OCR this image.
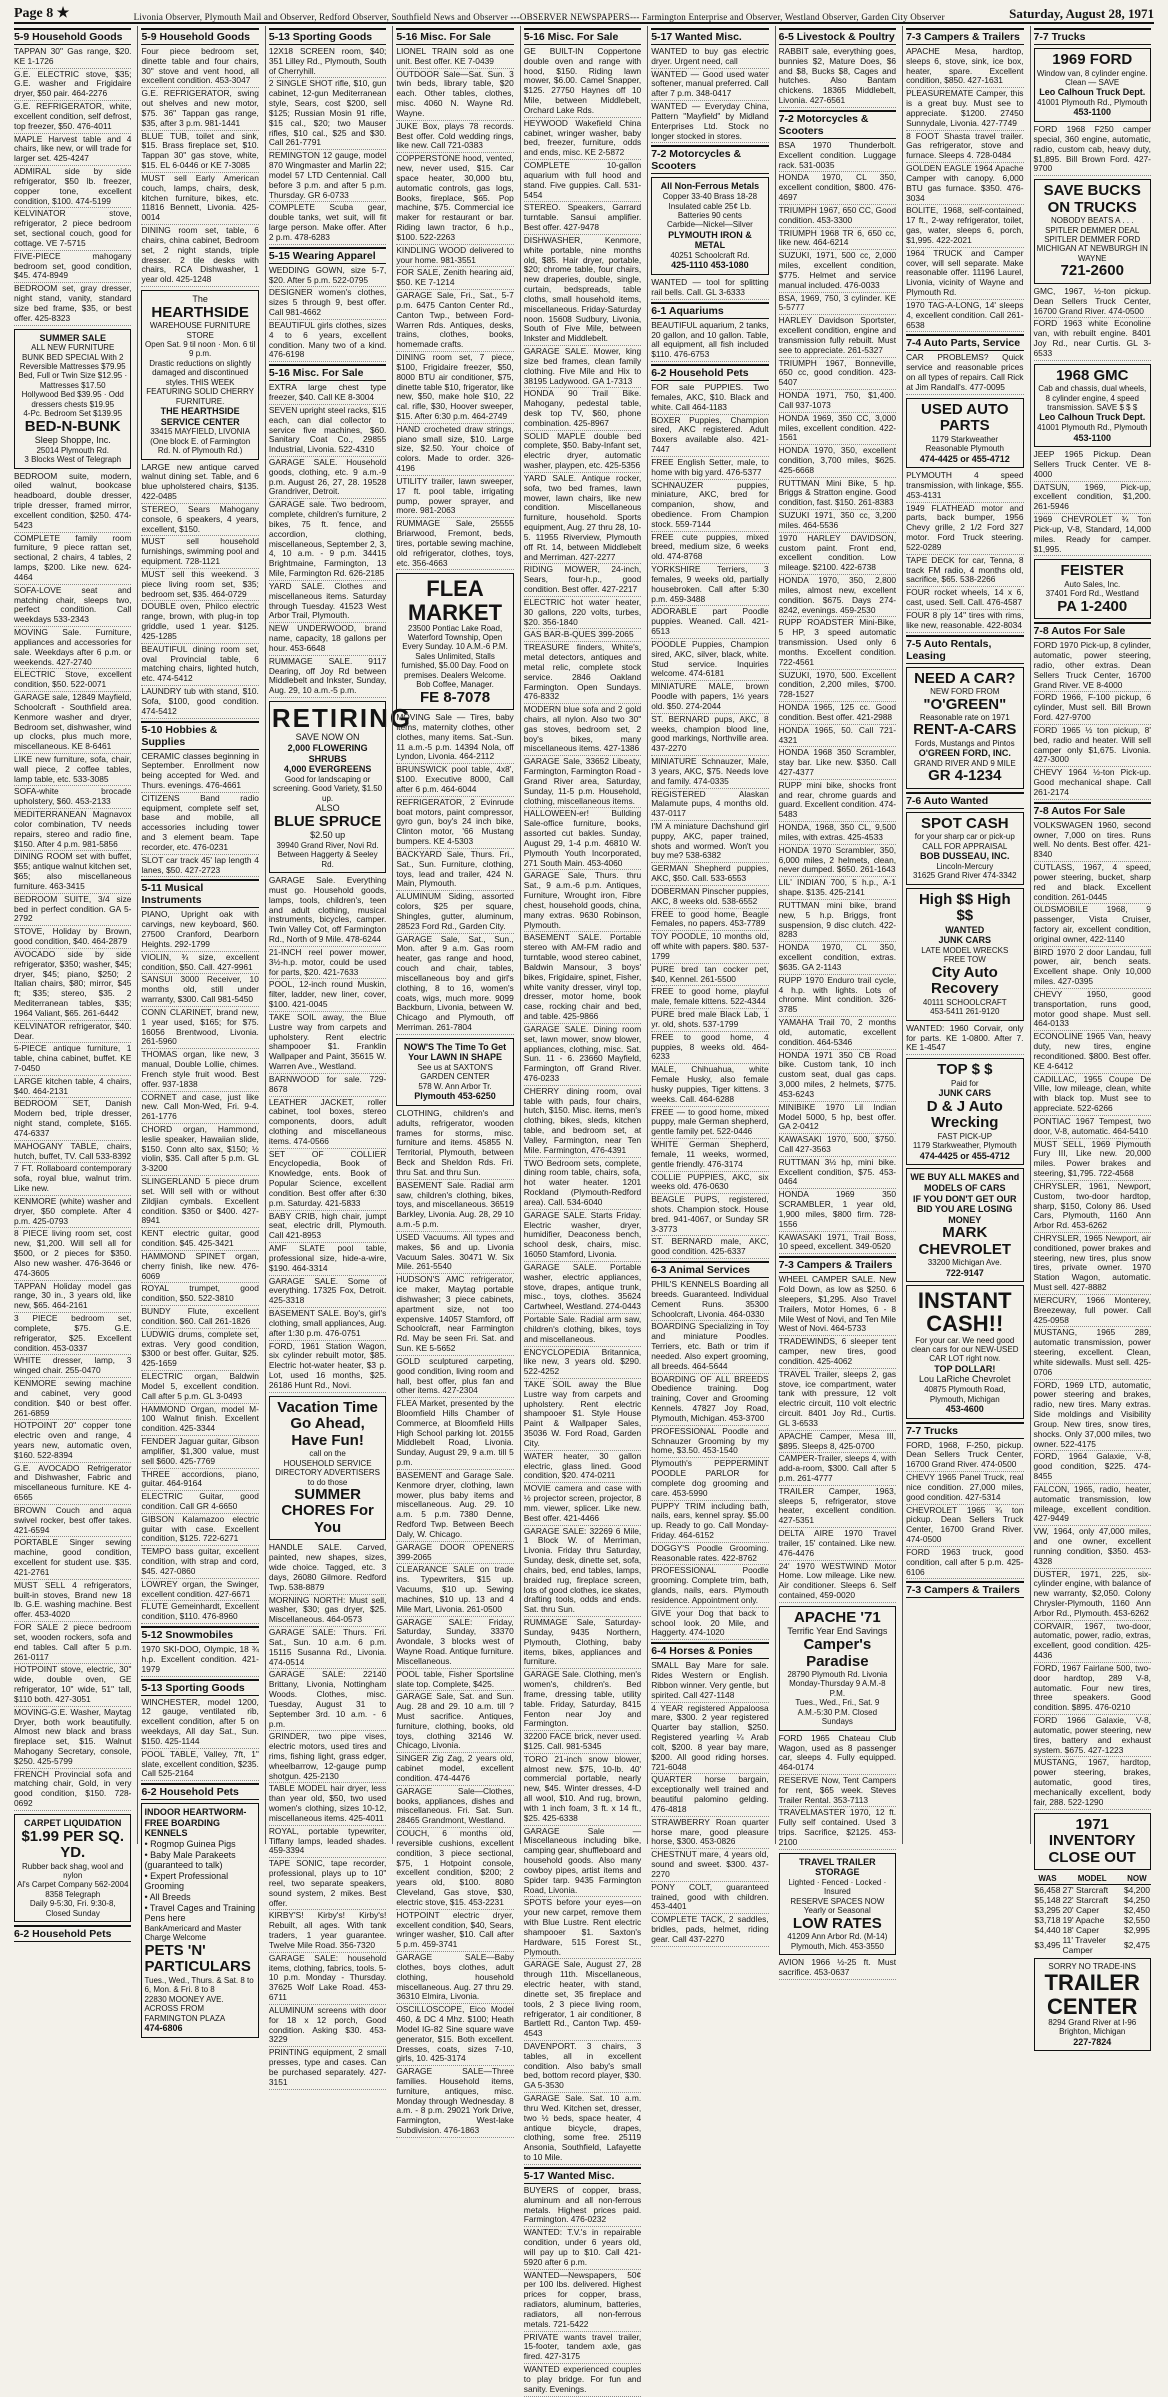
Page 8 ★	Livonia Observer, Plymouth Mail and Observer, Redford Observer, Southfield News and Observer ---OBSERVER NEWSPAPERS--- Farmington Enterprise and Observer, Westland Observer, Garden City Observer	Saturday, August 28, 1971
5-9 Household Goods
TAPPAN 30" Gas range, $20. KE 1-1726
G.E. ELECTRIC stove, $35; G.E. washer and Frigidaire dryer, $50 pair. 464-2276
G.E. REFRIGERATOR, white, excellent condition, self defrost, top freezer, $50. 476-4011
MAPLE Harvest table and 4 chairs, like new, or will trade for larger set. 425-4247
ADMIRAL side by side refrigerator, $50 lb. freezer, copper tone, excellent condition, $100. 474-5199
KELVINATOR stove, refrigerator, 2 piece bedroom set, sectional couch, good for cottage. VE 7-5715
FIVE-PIECE mahogany bedroom set, good condition, $45. 474-8949
BEDROOM set, gray dresser, night stand, vanity, standard size bed frame, $35, or best offer. 425-8323
SUMMER SALE
ALL NEW FURNITURE
BUNK BED SPECIAL With 2 Reversible Mattresses $79.95
Bed, Full or Twin Size $12.95 · Mattresses $17.50
Hollywood Bed $39.95 · Odd dressers chests $19.95
4-Pc. Bedroom Set $139.95
BED-N-BUNK
Sleep Shoppe, Inc.
25014 Plymouth Rd.
3 Blocks West of Telegraph
BEDROOM suite, modern, oiled walnut, bookcase headboard, double dresser, triple dresser, framed mirror, excellent condition, $250. 474-5423
COMPLETE family room furniture, 9 piece rattan set, sectional, 2 chairs, 4 tables, 2 lamps, $200. Like new. 624-4464
SOFA-LOVE seat and matching chair, sleeps two, perfect condition. Call weekdays 533-2343
MOVING Sale. Furniture, appliances and accessories for sale. Weekdays after 6 p.m. or weekends. 427-2740
ELECTRIC Stove, excellent condition, $50. 522-0071
GARAGE sale, 12849 Mayfield, Schoolcraft - Southfield area. Kenmore washer and dryer, Bedroom set, dishwasher, wind up clocks, plus much more, miscellaneous. KE 8-6461
LIKE new furniture, sofa, chair, wall piece, 2 coffee tables, lamp table, etc. 533-3085
SOFA-white brocade upholstery, $60. 453-2133
MEDITERRANEAN Magnavox color combination, TV needs repairs, stereo and radio fine, $150. After 4 p.m. 981-5856
DINING ROOM set with buffet, $55; antique walnut kitchen set, $65; also miscellaneous furniture. 463-3415
BEDROOM SUITE, 3/4 size bed in perfect condition. GA 5-2792
STOVE, Holiday by Brown, good condition, $40. 464-2879
AVOCADO side by side refrigerator, $350; washer, $45; dryer, $45; piano, $250; 2 Italian chairs, $80; mirror, $45 ft; $35; stereo, $35. 2 Mediterranean tables, $35; 1964 Valiant, $65. 261-6442
KELVINATOR refrigerator, $40. Dear.
5-PIECE antique furniture, 1 table, china cabinet, buffet. KE 7-0450
LARGE kitchen table, 4 chairs, $40. 464-2131
BEDROOM SET, Danish Modern bed, triple dresser, night stand, complete, $165. 474-6337
MAHOGANY TABLE, chairs, hutch, buffet, TV. Call 533-8392
7 FT. Rollaboard contemporary sofa, royal blue, walnut trim. Like new.
KENMORE (white) washer and dryer, $50 complete. After 4 p.m. 425-0793
8 PIECE living room set, cost new, $1,200. Will sell all for $500, or 2 pieces for $350. Also new washer. 476-3646 or 474-3605
TAPPAN Holiday model gas range, 30 in., 3 years old, like new, $65. 464-2161
3 PIECE bedroom set, complete, $75. G.E. refrigerator, $25. Excellent condition. 453-0337
WHITE dresser, lamp, 3 winged chair. 255-0470
KENMORE sewing machine and cabinet, very good condition. $40 or best offer. 261-6859
HOTPOINT 20" copper tone electric oven and range, 4 years new, automatic oven, $160. 522-8394
G.E. AVOCADO Refrigerator and Dishwasher, Fabric and miscellaneous furniture. KE 4-6565
BROWN Couch and aqua swivel rocker, best offer takes. 421-6594
PORTABLE Singer sewing machine, good condition, excellent for student use. $35. 421-2761
MUST SELL 4 refrigerators, built-in stoves, Brand new 18 lb. G.E. washing machine. Best offer. 453-4020
FOR SALE 2 piece bedroom set, wooden rockers, sofa and end tables. Call after 5 p.m. 261-0117
HOTPOINT stove, electric, 30" wide, double oven, GE refrigerator, 10" wide, 51" tall, $110 both. 427-3051
MOVING-G.E. Washer, Maytag Dryer, both work beautifully. Almost new black and brass fireplace set, $15. Walnut Mahogany Secretary, console, $250. 425-5799
FRENCH Provincial sofa and matching chair, Gold, in very good condition, $150. 728-0692
CARPET LIQUIDATION
$1.99 PER SQ. YD.
Rubber back shag, wool and nylon
Al's Carpet Company 562-2004
8358 Telegraph
Daily 9-5:30, Fri. 9:30-8, Closed Sunday
6-2 Household Pets
5-9 Household Goods
Four piece bedroom set, dinette table and four chairs, 30" stove and vent hood, all excellent condition. 453-3047
G.E. REFRIGERATOR, swing out shelves and new motor, $75. 36" Tappan gas range, $35, after 3 p.m. 981-1441
BLUE TUB, toilet and sink, $15. Brass fireplace set, $10. Tappan 30" gas stove, white, $15. EL 6-0446 or KE 7-3085
MUST sell Early American couch, lamps, chairs, desk, kitchen furniture, bikes, etc. 11816 Bennett, Livonia. 425-0014
DINING room set, table, 6 chairs, china cabinet, Bedroom set, 2 night stands, triple dresser. 2 tile desks with chairs, RCA Dishwasher, 1 year old. 425-1248
The
HEARTHSIDE
WAREHOUSE FURNITURE STORE
Open Sat. 9 til noon · Mon. 6 til 9 p.m.
Drastic reductions on slightly damaged and discontinued styles. THIS WEEK FEATURING SOLID CHERRY FURNITURE.
THE HEARTHSIDE SERVICE CENTER
33415 MAYFIELD, LIVONIA
(One block E. of Farmington Rd. N. of Plymouth Rd.)
LARGE new antique carved walnut dining set. Table, and 6 blue upholstered chairs, $135. 422-0485
STEREO, Sears Mahogany console, 6 speakers, 4 years, excellent, $150.
MUST sell household furnishings, swimming pool and equipment. 728-1121
MUST sell this weekend. 3 piece living room set, $35; bedroom set, $35. 464-0729
DOUBLE oven, Philco electric range, brown, with plug-in top griddle, used 1 year. $125. 425-1285
BEAUTIFUL dining room set, oval Provincial table, 6 matching chairs, lighted hutch, etc. 474-5412
LAUNDRY tub with stand, $10. Sofa, $100, good condition. 474-5412
5-10 Hobbies & Supplies
CERAMIC classes beginning in September. Enrollment now being accepted for Wed. and Thurs. evenings. 476-4661
CITIZENS Band radio equipment, complete self set, base and mobile, all accessories including tower and 3 element beam. Tape recorder, etc. 476-0231
SLOT car track 45' lap length 4 lanes, $50. 427-2723
5-11 Musical Instruments
PIANO, Upright oak with carvings, new keyboard, $60. 27500 Cranford, Dearborn Heights. 292-1799
VIOLIN, ¾ size, excellent condition, $50. Call. 427-9961
SANSUI 3000 Receiver, 10 months old, still under warranty, $300. Call 981-5450
CONN CLARINET, brand new, 1 year used, $165; for $75. 16056 Brentwood, Livonia. 261-5960
THOMAS organ, like new, 3 manual, Double Lollie, chimes. French style fruit wood. Best offer. 937-1838
CORNET and case, just like new. Call Mon-Wed, Fri. 9-4. 261-1776
CHORD organ, Hammond, leslie speaker, Hawaiian slide, $150. Conn alto sax, $150; ½ violin, $35. Call after 5 p.m. GL 3-3200
SLINGERLAND 5 piece drum set. Will sell with or without Zildjian cymbals. Excellent condition. $350 or $400. 427-8941
KENT electric guitar, good condition. $45. 425-3421
HAMMOND SPINET organ, cherry finish, like new. 476-6069
ROYAL trumpet, good condition, $50. 522-3810
BUNDY Flute, excellent condition. $60. Call 261-1826
LUDWIG drums, complete set, extras. Very good condition, $300 or best offer. Guitar, $25. 425-1659
ELECTRIC organ, Baldwin Model 5, excellent condition. Call after 5 p.m. GL 3-0493
HAMMOND Organ, model M-100 Walnut finish. Excellent condition. 425-3344
FENDER Jaguar guitar, Gibson amplifier, $1,300 value, must sell $600. 425-7769
THREE accordions, piano, guitar. 464-9164
ELECTRIC Guitar, good condition. Call GR 4-6650
GIBSON Kalamazoo electric guitar with case. Excellent condition, $125. 722-6271
TEMPO bass guitar, excellent condition, with strap and cord, $45. 427-0860
LOWREY organ, the Swinger, excellent condition. 427-6671
FLUTE Gemeinhardt, Excellent condition, $110. 476-8960
5-12 Snowmobiles
1970 SKI-DOO, Olympic, 18 ¾ h.p. Excellent condition. 421-1979
5-13 Sporting Goods
WINCHESTER, model 1200, 12 gauge, ventilated rib, excellent condition, after 5 on weekdays, All day Sat., Sun. $150. 425-1144
POOL TABLE, Valley, 7ft, 1" slate, excellent condition, $235. Call 525-2164
6-2 Household Pets
INDOOR HEARTWORM-FREE BOARDING KENNELS
• Rogmop Guinea Pigs
• Baby Male Parakeets (guaranteed to talk)
• Expert Professional Grooming
• All Breeds
• Travel Cages and Training Pens here
BankAmericard and Master Charge Welcome
PETS 'N' PARTICULARS
Tues., Wed., Thurs. & Sat. 8 to 6, Mon. & Fri. 8 to 8
22830 MOONEY AVE.
ACROSS FROM FARMINGTON PLAZA
474-6806
5-13 Sporting Goods
12X18 SCREEN room, $40; 351 Lilley Rd., Plymouth, South of Cherryhill.
2 SINGLE SHOT rifle, $10, gun cabinet, 12-gun Mediterranean style, Sears, cost $200, sell $125; Russian Mosin 91 rifle, $15 cal., $20; two Mauser rifles, $10 cal., $25 and $30. Call 261-7791
REMINGTON 12 gauge, model 870 Wingmaster and Marlin 22; model 57 LTD Centennial. Call before 3 p.m. and after 5 p.m. Thursday. GR 6-0733
COMPLETE Scuba gear, double tanks, wet suit, will fit large person. Make offer. After 2 p.m. 478-6283
5-15 Wearing Apparel
WEDDING GOWN, size 5-7, $20. After 5 p.m. 522-0795
DESIGNER women's clothes, sizes 5 through 9, best offer. Call 981-4662
BEAUTIFUL girls clothes, sizes 4 to 6 years, excellent condition. Many two of a kind. 476-6198
5-16 Misc. For Sale
EXTRA large chest type freezer, $40. Call KE 8-3004
SEVEN upright steel racks, $15 each, can dial collector to service five machines, $60. Sanitary Coat Co., 29855 Industrial, Livonia. 522-4310
GARAGE SALE. Household goods, clothing, etc. 9 a.m.-9 p.m. August 26, 27, 28. 19528 Grandriver, Detroit.
GARAGE sale. Two bedroom, complete, children's furniture, 2 bikes, 75 ft. fence, and accordion, clothing, miscellaneous, September 2, 3, 4, 10 a.m. - 9 p.m. 34415 Brightmaine, Farmington, 13 Mile, Farmington Rd. 626-2185
YARD SALE. Clothes and miscellaneous items. Saturday through Tuesday. 41523 West Arbor Trail, Plymouth.
NEW UNDERWOOD, brand name, capacity, 18 gallons per hour. 453-6648
RUMMAGE SALE. 9117 Dearing, off Joy Rd between Middlebelt and Inkster, Sunday, Aug. 29, 10 a.m.-5 p.m.
RETIRING
SAVE NOW ON
2,000 FLOWERING SHRUBS
4,000 EVERGREENS
Good for landscaping or screening. Good Variety, $1.50 up.
ALSO
BLUE SPRUCE
$2.50 up
39940 Grand River, Novi Rd.
Between Haggerty & Seeley Rd.
GARAGE Sale. Everything must go. Household goods, lamps, tools, children's, teen and adult clothing, musical instruments, bicycles, camper. Twin Valley Cot, off Farmington Rd., North of 9 Mile. 478-6244
21-INCH reel power mower, 3½-h.p. motor, could be used for parts, $20. 421-7633
POOL, 12-inch round Muskin, filter, ladder, new liner, cover, $100. 421-0045
TAKE SOIL away, the Blue Lustre way from carpets and upholstery. Rent electric shampooer $1. Franklin Wallpaper and Paint, 35615 W. Warren Ave., Westland.
BARNWOOD for sale. 729-8678
LEATHER JACKET, roller cabinet, tool boxes, stereo components, doors, adult clothing and miscellaneous items. 474-0566
SET OF COLLIER Encyclopedia, Book of Knowledge, ents. Book of Popular Science, excellent condition. Best offer after 6:30 p.m. Saturday. 421-5833
BABY CRIB, high chair, jumpt seat, electric drill, Plymouth. Call 421-8953
AMF SLATE pool table, professional size, hide-a-wire, $190. 464-3314
GARAGE SALE. Some of everything. 17325 Fox, Detroit. 425-3318
BASEMENT SALE. Boy's, girl's clothing, small appliances, Aug. after 1:30 p.m. 476-0751
FORD, 1961 Station Wagon, six cylinder rebuilt motor, $85. Electric hot-water heater, $3 p. Lot, used 16 months, $25. 26186 Hunt Rd., Novi.
Vacation Time Go Ahead, Have Fun!
call on the
HOUSEHOLD SERVICE DIRECTORY ADVERTISERS
to do those
SUMMER CHORES For You
HANDLE SALE. Carved, painted, new shapes, sizes, wide choice. Tagged, etc. 3 days, 26080 Gilmore. Redford Twp. 538-8879
MORNING NORTH: Must sell, washer, $30; gas dryer, $25. Miscellaneous. 464-0573
GARAGE SALE: Thurs. Fri. Sat., Sun. 10 a.m. 6 p.m. 15115 Susanna Rd., Livonia. 474-0514
GARAGE SALE: 22140 Brittany, Livonia, Nottingham Woods. Clothes, misc. Tuesday, August 31 to September 3rd. 10 a.m. - 6 p.m.
GRINDER, two pipe vises, electric motors, used tires and rims, fishing light, grass edger, wheelbarrow, 12-gauge pump shotgun. 425-2130
TABLE MODEL hair dryer, less than year old, $50, two used women's clothing, sizes 10-12, miscellaneous items. 425-4011
ROYAL, portable typewriter, Tiffany lamps, leaded shades. 459-3394
TAPE SONIC, tape recorder, professional, plays up to 10" reel, two separate speakers, sound system, 2 mikes. Best offer.
KIRBY'S! Kirby's! Kirby's! Rebuilt, all ages. With tank traders, 1 year guarantee. Twelve Mile Road. 356-7320
GARAGE SALE: household items, clothing, fabrics, tools. 5-10 p.m. Monday - Thursday. 37625 Wolf Lake Road. 453-6711
ALUMINUM screens with door for 18 x 12 porch, Good condition. Asking $30. 453-3229
PRINTING equipment, 2 small presses, type and cases. Can be purchased separately. 427-3151
5-16 Misc. For Sale
LIONEL TRAIN sold as one unit. Best offer. KE 7-0439
OUTDOOR Sale—Sat. Sun. 3 twin beds, library table, $20 each. Other tables, clothes, misc. 4060 N. Wayne Rd. Wayne.
JUKE Box, plays 78 records. Best offer. Cold wedding rings, like new. Call 721-0383
COPPERSTONE hood, vented, new, never used, $15. Car space heater, 30,000 btu, automatic controls, gas logs, Books, fireplace, $65. Pop machine, $75. Commercial ice maker for restaurant or bar. Riding lawn tractor, 6 h.p., $100. 522-2263
KINDLING WOOD delivered to your home. 981-3551
FOR SALE, Zenith hearing aid, $50. KE 7-1214
GARAGE Sale, Fri., Sat., 5-7 p.m. 6475 Canton Center Rd., Canton Twp., between Ford-Warren Rds. Antiques, desks, trains, clothes, books, homemade crafts.
DINING room set, 7 piece, $100, Frigidaire freezer, $50, 8000 BTU air conditioner, $75, dinette table $10, frigerator, like new, $50, make hole $10, 22 cal. rifle, $30, Hoover sweeper, $15. After 6:30 p.m. 464-2749
HAND crocheted draw strings, piano small size, $10. Large size, $2.50. Your choice of colors. Made to order. 326-4196
UTILITY trailer, lawn sweeper, 17 ft. pool table, irrigating pump, power sprayer, and more. 981-2063
RUMMAGE Sale, 25555 Briarwood, Fremont, beds, tires, portable sewing machine, old refrigerator, clothes, toys, etc. 356-4663
FLEA MARKET
23500 Pontiac Lake Road, Waterford Township, Open Every Sunday. 10 A.M.-6 P.M. Sales Unlimited, Stalls furnished, $5.00 Day. Food on premises. Dealers Welcome. Bob Coffee, Manager.
FE 8-7078
MOVING Sale — Tires, baby items, maternity clothes, other clothes, many items. Sat.-Sun. 11 a.m.-5 p.m. 14394 Nola, off Lyndon, Livonia. 464-2112
BRUNSWICK pool table, 4x8', $100. Executive 8000, Call after 6 p.m. 464-6044
REFRIGERATOR, 2 Evinrude boat motors, paint compressor, gyro gun, boy's 24 inch bike, Clinton motor, '66 Mustang bumpers. KE 4-5303
BACKYARD Sale, Thurs. Fri., Sat., Sun. Furniture, clothing, toys, lead and trailer, 424 N. Main, Plymouth.
ALUMINUM Siding, assorted colors, $25 per square, Shingles, gutter, aluminum, 28523 Ford Rd., Garden City.
GARAGE Sale, Sat., Sun., Mon. after 9 a.m. Gas room heater, gas range and hood, couch and chair, tables, miscellaneous boy and girl's clothing, 8 to 16, women's coats, wigs, much more. 9099 Backburn, Livonia, between W. Chicago and Plymouth, off Merriman. 261-7804
NOW'S The Time To Get Your LAWN IN SHAPE
See us at SAXTON'S GARDEN CENTER
578 W. Ann Arbor Tr.
Plymouth 453-6250
CLOTHING, children's and adults, refrigerator, wooden frames for storms, misc. furniture and items. 45855 N. Territorial, Plymouth, between Beck and Sheldon Rds. Fri. thru Sat. and thru Sun.
BASEMENT Sale. Radial arm saw, children's clothing, bikes, toys, and miscellaneous. 36519 Barkley, Livonia. Aug. 28, 29 10 a.m.-5 p.m.
USED Vacuums. All types and makes, $6 and up. Livonia Vacuum Sales. 30471 W. Six Mile. 261-5540
HUDSON'S AMC refrigerator, ice maker, Maytag portable dishwasher; 3 piece cabinets, apartment size, not too expensive. 14057 Stamford, off Schoolcraft, near Farmington Rd. May be seen Fri. Sat. and Sun. KE 5-5652
GOLD sculptured carpeting, good condition, living room and hall, best offer, plus fan and other items. 427-2304
FLEA Market, presented by the Bloomfield Hills Chamber of Commerce, at Bloomfield Hills High School parking lot. 20155 Middlebelt Road, Livonia. Sunday, August 29, 9 a.m. till 5 p.m.
BASEMENT and Garage Sale. Kenmore dryer, clothing, lawn mower, plus baby items and miscellaneous. Aug. 29. 10 a.m. 5 p.m. 7380 Denne, Redford Twp. Between Beech Daly, W. Chicago.
GARAGE DOOR OPENERS 399-2065
CLEARANCE SALE on trade ins. Typewriters, $15 up. Vacuums, $10 up. Sewing machines, $10 up. 13 and 4 Mile Mart, Livonia. 261-0500
GARAGE SALE: Friday, Saturday, Sunday, 33370 Avondale, 3 blocks west of Wayne Road. Antique furniture. Miscellaneous.
POOL table, Fisher Sportsline slate top. Complete, $425.
GARAGE Sale, Sat. and Sun. Aug. 28 and 29. 10 a.m. till ? Must sacrifice. Antiques, furniture, clothing, books, old toys, clothing 32146 W. Chicago, Livonia.
SINGER Zig Zag, 2 years old, cabinet model, excellent condition. 474-4476
GARAGE Sale—Clothes, books, appliances, dishes and miscellaneous. Fri. Sat. Sun. 28465 Grandmont, Westland.
COUCH, 6 months old, reversible cushions, excellent condition, 3 piece sectional, $75, 1 Hotpoint console, excellent condition, $200; 2 years old, $100. 8080 Cleveland, Gas stove, $30, electric stove, $15. 453-2231
HOTPOINT electric dryer, excellent condition, $40, Sears, wringer washer, $10. Call after 5 p.m. 459-3741
GARAGE SALE—Baby clothes, boys clothes, adult clothing, household miscellaneous. Aug. 27 thru 29. 36310 Elmira, Livonia.
OSCILLOSCOPE, Eico Model 460, & DC 4 Mhz. $100; Heath Model IG-82 Sine square wave generator, $15. Both excellent. Dresses, coats, sizes 7-10, girls, 10. 425-3174
GARAGE SALE—Three families. Household items, furniture, antiques, misc. Monday through Wednesday. 8 a.m. - 8 p.m. 29021 York Drive, Farmington, West-lake Subdivision. 476-1863
5-16 Misc. For Sale
GE BUILT-IN Coppertone double oven and range with hood, $150. Riding lawn mower, $6.00. Camel Snapper, $125. 27750 Haynes off 10 Mile, between Middlebelt, Orchard Lake Rds.
HEYWOOD Wakefield China cabinet, wringer washer, baby bed, freezer, furniture, odds and ends, misc. KE 2-5872
COMPLETE 10-gallon aquarium with full hood and stand. Five guppies. Call. 531-5454
STEREO. Speakers, Garrard turntable. Sansui amplifier. Best offer. 427-9478
DISHWASHER, Kenmore, white portable, nine months old, $85. Hair dryer, portable, $20; chrome table, four chairs, new draperies, double, single, curtain, bedspreads, table cloths, small household items, miscellaneous. Friday-Saturday noon. 15608 Sudbury, Livonia, South of Five Mile, between Inkster and Middlebelt.
GARAGE SALE. Mower, king size bed frames, clean family clothing. Five Mile and Hix to 38195 Ladywood. GA 1-7313
HONDA 90 Trail Bike. Mahogany, pedestal table, desk top TV, $60, phone combination. 425-8967
SOLID MAPLE double bed complete, $50. Baby-Infant set, electric dryer, automatic washer, playpen, etc. 425-5356
YARD SALE. Antique rocker, sofa, two bed frames, lawn mower, lawn chairs, like new condition. Miscellaneous furniture, household. Sports equipment, Aug. 27 thru 28, 10-5. 11955 Riverview, Plymouth off Rt. 14, between Middlebelt and Merriman. 427-2277
RIDING MOWER, 24-inch, Sears, four-h.p., good condition. Best offer. 427-2217
ELECTRIC hot water heater, 30 gallons, 220 volts, turbes, $20. 356-1840
GAS BAR-B-QUES 399-2065
TREASURE finders, White's, metal detectors, antiques and metal relic, complete stock service. 2846 Oakland Farmington. Open Sundays. 476-8332
MODERN blue sofa and 2 gold chairs, all nylon. Also two 30" gas stoves, bedroom set, 2 boy's bikes, many miscellaneous items. 427-1386
GARAGE Sale, 33652 Libeaty, Farmington, Farmington Road - Grand River area, Saturday, Sunday, 11-5 p.m. Household, clothing, miscellaneous items.
HALLOWEEN-er! Bullding Sale-office furniture, books, assorted cut bakles. Sunday, August 29, 1-4 p.m. 46810 W. Plymouth Youth Incorporated, 271 South Main. 453-4060
GARAGE Sale, Thurs. thru Sat., 9 a.m.-6 p.m. Antiques, Furniture, Wrought iron, Fibre chest, household goods, china, many extras. 9630 Robinson, Plymouth.
BASEMENT SALE. Portable stereo with AM-FM radio and turntable, wood stereo cabinet, Baldwin Mansour, 3 boys' bikes, Frigidaire, spinet, Fisher, white vanity dresser, vinyl top, dresser, motor home, book case, rocking chair and bed, and table. 425-9866
GARAGE SALE. Dining room set, lawn mower, snow blower, appliances, clothing, misc. Sat. Sun. 11 - 6. 23660 Mayfield, Farmington, off Grand River. 476-0233
CHERRY dining room, oval table with pads, four chairs, hutch, $150. Misc. items, men's clothing, bikes, sleds, kitchen table, and bedroom set, at Valley, Farmington, near Ten Mile. Farmington, 476-4391
TWO Bedroom sets, complete, dining room table, chairs, sofa, hot water heater. 1201 Rockland (Plymouth-Redford area). Call. 534-6040
GARAGE SALE. Starts Friday. Electric washer, dryer, humidifier, Deaconess bench, school desk, chairs, misc. 16050 Stamford, Livonia.
GARAGE SALE. Portable washer, electric appliances, stove, drapes, antique trunk, misc., toys, clothes. 35624 Cartwheel, Westland. 274-0443
Portable Sale. Radial arm saw, children's clothing, bikes, toys and miscellaneous.
ENCYCLOPEDIA Britannica, like new, 3 years old. $290. 522-4252
TAKE SOIL away the Blue Lustre way from carpets and upholstery. Rent electric shampooer $1. Style House Paint & Wallpaper Sales, 35036 W. Ford Road, Garden City.
WATER heater, 30 gallon electric, glass lined. Good condition, $20. 474-0211
MOVIE camera and case with ½ projector screen, projector, 8 mm. viewer, splicer. Like new. Best offer. 421-4466
GARAGE SALE: 32269 6 Mile, 1 Block W. of Merriman, Livonia. Friday thru Saturday, Sunday, desk, dinette set, sofa, chairs, bed, end tables, lamps, braided rug, fireplace screen, lots of good clothes, ice skates, drafting tools, odds and ends. Sat. thru Sun.
RUMMAGE Sale, Saturday-Sunday, 9435 Northern, Plymouth, Clothing, baby items, bikes, appliances and furniture.
GARAGE Sale. Clothing, men's women's, children's. Bed frame, dressing table, utility table. Friday, Saturday, 8415 Fenton near Joy and Farmington.
32200 FACE brick, never used. $125. Call. 981-5345
TORO 21-inch snow blower, almost new. $75, 10-lb. 40' commercial portable, nearly new, $45. Winter dresses, 4-D all wool, $10. And rug, brown, with 1 inch foam, 3 ft. x 14 ft., $25. 425-6338
GARAGE Sale — Miscellaneous including bike, camping gear, shuffleboard and household goods. Also many cowboy pipes, artist items and Spider tarp. 9435 Farmington Road, Livonia.
SPOTS before your eyes—on your new carpet, remove them with Blue Lustre. Rent electric shampooer $1. Saxton's Hardware, 515 Forest St., Plymouth.
GARAGE Sale, August 27, 28 through 11th. Miscellaneous, electric heater, with stand, dinette set, 35 fireplace and tools, 2 3 piece living room, refrigerator, 1 air conditioner, 8 Bartlett Rd., Canton Twp. 459-4543
DAVENPORT. 3 chairs, 3 tables, all in excellent condition. Also baby's small bed, bottom record player, $30. GA 5-3530
GARAGE Sale. Sat. 10 a.m. thru Wed. Kitchen set, dresser, two ½ beds, space heater, 4 antique bicycle, drapes, clothing, some free. 25119 Ansonia, Southfield, Lafayette to 10 Mile.
5-17 Wanted Misc.
BUYERS of copper, brass, aluminum and all non-ferrous metals. Highest prices paid. Farmington. 476-0232
WANTED: T.V.'s in repairable condition, under 6 years old, will pay up to $10. Call 421-5920 after 6 p.m.
WANTED—Newspapers, 50¢ per 100 lbs. delivered. Highest prices for copper, brass, radiators, aluminum, batteries, radiators, all non-ferrous metals. 721-5422
PRIVATE wants travel trailer, 15-footer, tandem axle, gas fired. 427-3175
WANTED experienced couples to play bridge. For fun and sanity. Evenings.
5-17 Wanted Misc.
WANTED to buy gas electric dryer. Urgent need, call
WANTED — Good used water softener, manual preferred. Call after 7 p.m. 348-0417
WANTED — Everyday China, Pattern "Mayfield" by Midland Enterprises Ltd. Stock no longer stocked in stores.
7-2 Motorcycles & Scooters
All Non-Ferrous Metals
Copper 33-40 Brass 18-28
Insulated cable 25¢ Lb.
Batteries 90 cents
Carbide—Nickel—Silver
PLYMOUTH IRON & METAL
40251 Schoolcraft Rd.
425-1110 453-1080
WANTED — tool for splitting rail bells. Call. GL 3-6333
6-1 Aquariums
BEAUTIFUL aquarium, 2 tanks, 20 gallon, and 10 gallon. Table, all equipment, all fish included $110. 476-6753
6-2 Household Pets
FOR sale PUPPIES. Two females, AKC, $10. Black and white. Call 464-1183
BOXER Puppies, Champion sired, AKC registered. Adult Boxers available also. 421-7447
FREE English Setter, male, to home with big yard. 476-5377
SCHNAUZER puppies, miniature, AKC, bred for companion, show, and obedience. From Champion stock. 559-7144
FREE cute puppies, mixed breed, medium size, 6 weeks old. 474-8768
YORKSHIRE Terriers, 3 females, 9 weeks old, partially housebroken. Call after 5:30 p.m. 459-3488
ADORABLE part Poodle puppies. Weaned. Call. 421-6513
POODLE Puppies, Champion sired, AKC, silver, black, white. Stud service. Inquiries welcome. 474-6181
MINIATURE MALE, brown Poodle with papers, 1½ years old. $50. 274-2044
ST. BERNARD pups, AKC, 8 weeks, champion blood line, good markings, Northville area. 437-2270
MINIATURE Schnauzer, Male, 3 years, AKC, $75. Needs love and family. 474-0335
REGISTERED Alaskan Malamute pups, 4 months old. 437-0117
I'M A miniature Dachshund girl puppy, AKC, paper trained, shots and wormed. Won't you buy me? 538-6382
GERMAN Shepherd puppies, AKC, $50. Call. 533-6553
DOBERMAN Pinscher puppies, AKC, 8 weeks old. 538-6552
FREE to good home, Beagle Females, no papers. 453-7789
TOY POODLE, 10 months old, off white with papers. $80. 537-1799
PURE bred tan cocker pet, $40, Kennel. 261-5500
FREE to good home, playful male, female kittens. 522-4344
PURE bred male Black Lab, 1 yr. old, shots. 537-1799
FREE to good home, 4 puppies, 8 weeks old. 464-6233
MALE, Chihuahua, white Female Husky, also female husky puppies, Tiger kittens. 3 weeks. Call. 464-6288
FREE — to good home, mixed puppy, male German shepherd, gentle family pet. 522-0446
WHITE German Shepherd, female, 11 weeks, wormed, gentle friendly. 476-3174
COLLIE PUPPIES, AKC, six weeks old. 476-0630
BEAGLE PUPS, registered, shots. Champion stock. House bred. 941-4067, or Sunday SR 3-3773
ST. BERNARD male, AKC, good condition. 425-6337
6-3 Animal Services
PHIL'S KENNELS Boarding all breeds. Guaranteed. Individual Cement Runs. 35300 Schoolcraft, Livonia. 464-0330
BOARDING Specializing in Toy and miniature Poodles. Terriers, etc. Bath or trim if needed. Also expert grooming, all breeds. 464-5644
BOARDING OF ALL BREEDS Obedience training. Dog training, Cover and Grooming Kennels. 47827 Joy Road, Plymouth, Michigan. 453-3700
PROFESSIONAL Poodle and Schnauzer Grooming by my home, $3.50. 453-1540
Plymouth's PEPPERMINT POODLE PARLOR for complete dog grooming and care. 453-5990
PUPPY TRIM including bath, nails, ears, kennel spray. $5.00 up. Ready to go. Call Monday-Friday. 464-6152
DOGGY'S Poodle Grooming. Reasonable rates. 422-8762
PROFESSIONAL Poodle grooming. Complete trim, bath, glands, nails, ears. Plymouth residence. Appointment only.
GIVE your Dog that back to school look. 20 Mile, and Haggerty. 474-1020
6-4 Horses & Ponies
SMALL Bay Mare for sale. Rides Western or English. Ribbon winner. Very gentle, but spirited. Call 427-1148
4 YEAR registered Appaloosa mare, $300. 2 year registered Quarter bay stallion, $250. Registered yearling ¼ Arab colt, $200. 8 year bay mare, $200. All good riding horses. 721-6048
QUARTER horse bargain, exceptionally well trained and beautiful palomino gelding. 476-4818
STRAWBERRY Roan quarter horse mare, good pleasure horse, $300. 453-0826
CHESTNUT mare, 4 years old, sound and sweet. $300. 437-2270
PONY COLT, guaranteed trained, good with children. 453-4401
COMPLETE TACK, 2 saddles, bridles, pads, helmet, riding gear. Call 437-2270
6-5 Livestock & Poultry
RABBIT sale, everything goes, bunnies $2, Mature Does, $6 and $8, Bucks $8, Cages and hutches. Also Bantam chickens. 18365 Middlebelt, Livonia. 427-6561
7-2 Motorcycles & Scooters
BSA 1970 Thunderbolt. Excellent condition. Luggage rack. 531-0035
HONDA 1970, CL 350, excellent condition, $800. 476-4697
TRIUMPH 1967, 650 CC, Good condition. 453-3300
TRIUMPH 1968 TR 6, 650 cc, like new. 464-6214
SUZUKI, 1971, 500 cc, 2,000 miles, excellent condition, $775. Helmet and service manual included. 476-0033
BSA, 1969, 750, 3 cylinder. KE 5-5777
HARLEY Davidson Sportster, excellent condition, engine and transmission fully rebuilt. Must see to appreciate. 261-5327
TRIUMPH 1967, Bonneville, 650 cc, good condition. 423-5407
HONDA 1971, 750, $1,400. Call 937-1073
HONDA 1969, 350 CC, 3,000 miles, excellent condition. 422-1561
HONDA 1970, 350, excellent condition, 3,700 miles, $625. 425-6668
RUTTMAN Mini Bike, 5 hp. Briggs & Stratton engine. Good condition, fast. $150. 261-8383
SUZUKI 1971, 350 cc, 3,200 miles. 464-5536
1970 HARLEY DAVIDSON, custom paint. Front end, excellent condition. Low mileage. $2100. 422-6738
HONDA 1970, 350, 2,800 miles, almost new, excellent condition. $675. Days 274-8242, evenings. 459-2530
RUPP ROADSTER Mini-Bike, 5 HP, 3 speed automatic transmission. Used only 6 months. Excellent condition. 722-4561
SUZUKI, 1970, 500. Excellent condition, 2,200 miles, $700. 728-1527
HONDA 1965, 125 cc. Good condition. Best offer. 421-2988
HONDA 1965, 50. Call 721-4321
HONDA 1968 350 Scrambler, stay bar. Like new. $350. Call 427-4377
RUPP mini bike, shocks front and rear, chrome guards and guard. Excellent condition. 474-5483
HONDA, 1968, 350 CL, 9,500 miles, with extras. 425-4533
HONDA 1970 Scrambler, 350, 6,000 miles, 2 helmets, clean, never dumped. $650. 261-1643
LIL' INDIAN 700, 5 h.p., A-1 shape. $135. 425-2141
RUTTMAN mini bike, brand new, 5 h.p. Briggs, front suspension, 9 disc clutch. 422-8283
HONDA 1970, CL 350, excellent condition, extras. $635. GA 2-1143
RUPP 1970 Enduro trail cycle, 4 h.p. with lights. Lots of chrome. Mint condition. 326-3785
YAMAHA Trail 70, 2 months old, automatic, excellent condition. 464-5346
HONDA 1971 350 CB Road bike. Custom tank, 10 inch custom seat, dual gas caps. 3,000 miles, 2 helmets, $775. 453-6243
MINIBIKE 1970 Lil Indian Model 5000, 5 hp, best offer. GA 2-0412
KAWASAKI 1970, 500, $750. Call 427-3563
RUTTMAN 3½ hp, mini bike. Excellent condition, $75. 453-0464
HONDA 1969 350 SCRAMBLER, 1 year old, 1,900 miles, $800 firm. 728-1556
KAWASAKI 1971, Trail Boss, 10 speed, excellent. 349-0520
7-3 Campers & Trailers
WHEEL CAMPER SALE. New Fold Down, as low as $250. 6 sleepers, $1,295. Also Travel Trailers, Motor Homes, 6 - 8 Mile West of Novi, and Ten Mile West of Novi. 464-5733
TRADEWINDS, 6 sleeper tent camper, new tires, good condition. 425-4062
TRAVEL Trailer, sleeps 2, gas stove, ice compartment, water tank with pressure, 12 volt electric circuit, 110 volt electric circuit. 8401 Joy Rd., Curtis. GL 3-6533
APACHE Camper, Mesa III, $895. Sleeps 8, 425-0700
CAMPER-Trailer, sleeps 4, with add-a-room, $300. Call after 5 p.m. 261-4777
TRAILER Camper, 1963, sleeps 5, refrigerator, stove heater, excellent condition. 427-5351
DELTA AIRE 1970 Travel trailer, 15' contained. Like new. 476-4476
24' 1970 WESTWIND Motor Home. Low mileage. Like new. Air conditioner. Sleeps 6. Self contained, 459-0020
APACHE '71
Terrific Year End Savings
Camper's Paradise
28790 Plymouth Rd. Livonia
Monday-Thursday 9 A.M.-8 P.M.
Tues., Wed., Fri., Sat. 9 A.M.-5:30 P.M. Closed Sundays
FORD 1965 Chateau Club Wagon, used as 8 passenger car, sleeps 4. Fully equipped. 464-0174
RESERVE Now, Tent Campers for rent, $65 week. Steves Trailer Rental. 353-7113
TRAVELMASTER 1970, 12 ft. Fully self contained. Used 3 trips. Sacrifice, $2125. 453-2100
TRAVEL TRAILER STORAGE
Lighted · Fenced · Locked · Insured
RESERVE SPACES NOW
Yearly or Seasonal
LOW RATES
41209 Ann Arbor Rd. (M-14) Plymouth, Mich. 453-3550
AVION 1966 ½-25 ft. Must sacrifice. 453-0637
7-3 Campers & Trailers
APACHE Mesa, hardtop, sleeps 6, stove, sink, ice box, heater, spare. Excellent condition, $850. 427-1631
PLEASUREMATE Camper, this is a great buy. Must see to appreciate. $1200. 27450 Sunnydale, Livonia. 427-7749
8 FOOT Shasta travel trailer. Gas refrigerator, stove and furnace. Sleeps 4. 728-0484
GOLDEN EAGLE 1964 Apache Camper with canopy. 6,000 BTU gas furnace. $350. 476-3034
BOLITE, 1968, self-contained, 17 ft., 2-way refrigerator, toilet, gas, water, sleeps 6, porch, $1,995. 422-2021
1964 TRUCK and Camper cover, will sell separate. Make reasonable offer. 11196 Laurel, Livonia, vicinity of Wayne and Plymouth Rd.
1970 TAG-A-LONG, 14' sleeps 4, excellent condition. Call 261-6538
7-4 Auto Parts, Service
CAR PROBLEMS? Quick service and reasonable prices on all types of repairs. Call Rick at Jim Randall's. 477-0095
USED AUTO PARTS
1179 Starkweather
Reasonable Plymouth
474-4425 or 455-4712
PLYMOUTH 4 speed transmission, with linkage, $55. 453-4131
1949 FLATHEAD motor and parts, back bumper, 1956 Chevy grille, 2 1/2 Ford 327 motor. Ford Truck steering. 522-0289
TAPE DECK for car, Tenna, 8 track FM radio, 4 months old, sacrifice, $65. 538-2266
FOUR rocket wheels, 14 x 6, cast, used. Sell. Call. 476-4587
FOUR 8 ply 14" tires with rims, like new, reasonable. 422-8034
7-5 Auto Rentals, Leasing
NEED A CAR?
NEW FORD FROM
"O'GREEN"
Reasonable rate on 1971
RENT-A-CARS
Fords, Mustangs and Pintos
O'GREEN FORD, INC.
GRAND RIVER AND 9 MILE
GR 4-1234
7-6 Auto Wanted
SPOT CASH
for your sharp car or pick-up
CALL FOR APPRAISAL
BOB DUSSEAU, INC.
Lincoln-Mercury
31625 Grand River 474-3342
High $$ High $$
WANTED
JUNK CARS
LATE MODEL WRECKS
FREE TOW
City Auto Recovery
40111 SCHOOLCRAFT
453-5411 261-9120
WANTED: 1960 Corvair, only for parts. KE 1-0800. After 7. KE 1-4547
TOP $ $
Paid for
JUNK CARS
D & J Auto Wrecking
FAST PICK-UP
1179 Starkweather, Plymouth
474-4425 or 455-4712
WE BUY ALL MAKES and MODELS OF CARS
IF YOU DON'T GET OUR BID YOU ARE LOSING MONEY
MARK CHEVROLET
33200 Michigan Ave.
722-9147
INSTANT CASH!!
For your car. We need good clean cars for our NEW-USED CAR LOT right now.
TOP DOLLAR!
Lou LaRiche Chevrolet
40875 Plymouth Road, Plymouth, Michigan
453-4600
7-7 Trucks
FORD, 1968, F-250, pickup. Dean Sellers Truck Center, 16700 Grand River. 474-0500
CHEVY 1965 Panel Truck, real nice condition. 27,000 miles, good condition. 427-5314
CHEVROLET 1965 ¾ ton pickup. Dean Sellers Truck Center, 16700 Grand River. 474-0500
FORD 1963 truck, good condition, call after 5 p.m. 425-6106
7-3 Campers & Trailers
7-7 Trucks
1969 FORD
Window van, 8 cylinder engine. Clean — SAVE
Leo Calhoun Truck Dept.
41001 Plymouth Rd., Plymouth
453-1100
FORD 1968 F250 camper special, 360 engine, automatic, radio, custom cab, heavy duty, $1,895. Bill Brown Ford. 427-9700
SAVE BUCKS ON TRUCKS
NOBODY BEATS A . . .
SPITLER DEMMER DEAL
SPITLER DEMMER FORD
MICHIGAN AT NEWBURGH IN WAYNE
721-2600
GMC, 1967, ½-ton pickup. Dean Sellers Truck Center, 16700 Grand River. 474-0500
FORD 1963 white Econoline van, with rebuilt engine. 8401 Joy Rd., near Curtis. GL 3-6533
1968 GMC
Cab and chassis, dual wheels, 8 cylinder engine, 4 speed transmission. SAVE $ $ $
Leo Calhoun Truck Dept.
41001 Plymouth Rd., Plymouth
453-1100
JEEP 1965 Pickup. Dean Sellers Truck Center. VE 8-4000
DATSUN, 1969, Pick-up, excellent condition, $1,200. 261-5946
1969 CHEVROLET ¾ Ton Pick-up, V-8, Standard, 14,000 miles. Ready for camper. $1,995.
FEISTER
Auto Sales, Inc.
37401 Ford Rd., Westland
PA 1-2400
7-8 Autos For Sale
FORD 1970 Pick-up, 8 cylinder, automatic, power steering, radio, other extras. Dean Sellers Truck Center, 16700 Grand River. VE 8-4000
FORD 1966, F-100 pickup, 6 cylinder, Must sell. Bill Brown Ford. 427-9700
FORD 1965 ½ ton pickup, 8' bed, radio and heater. Will sell camper only $1,675. Livonia. 427-3000
CHEVY 1964 ½-ton Pick-up. Good mechanical shape. Call 261-2174
7-8 Autos For Sale
VOLKSWAGEN 1960, second owner, 7,000 on tires. Runs well. No dents. Best offer. 421-8340
CUTLASS, 1967, 4 speed, power steering, bucket, sharp red and black. Excellent condition. 261-0445
OLDSMOBILE 1968, 9 passenger, Vista Cruiser, factory air, excellent condition, original owner, 422-1140
BIRD 1970 2 door Landau, full power, air, bench seats. Excellent shape. Only 10,000 miles. 427-0395
CHEVY 1950, good transportation, runs good, motor good shape. Must sell. 464-0133
ECONOLINE 1965 Van, heavy duty, new tires, engine reconditioned. $800. Best offer. KE 4-6412
CADILLAC, 1955 Coupe De Ville, low mileage, clean, white with black top. Must see to appreciate. 522-6266
PONTIAC 1967 Tempest, two door, V-8, automatic. 464-5410
MUST SELL, 1969 Plymouth Fury III, Like new. 20,000 miles. Power brakes and steering, $1,795. 722-4568
CHRYSLER, 1961, Newport, Custom, two-door hardtop, sharp, $150, Colony 86. Used Cars, Plymouth, 1160 Ann Arbor Rd. 453-6262
CHRYSLER, 1965 Newport, air conditioned, power brakes and steering, new tires, plus snow tires, private owner. 1970 Station Wagon, automatic. Must sell. 427-8882
MERCURY, 1966 Monterey, Breezeway, full power. Call 425-0958
MUSTANG, 1965 289, automatic transmission, power steering, excellent. Clean, white sidewalls. Must sell. 425-0706
FORD, 1969 LTD, automatic, power steering and brakes, radio, new tires. Many extras. Side moldings and Visibility Group. New tires, snow tires, shocks. Only 37,000 miles, two owner. 522-4175
FORD, 1964 Galaxie, V-8, good condition, $225. 474-8455
FALCON, 1965, radio, heater, automatic transmission, low mileage, excellent condition. 427-9449
VW, 1964, only 47,000 miles, and one owner, excellent running condition, $350. 453-4328
DUSTER, 1971, 225, six-cylinder engine, with balance of new warranty, $2,050. Colony Chrysler-Plymouth, 1160 Ann Arbor Rd., Plymouth. 453-6262
CORVAIR, 1967, two-door, automatic, power, radio, extras, excellent, good condition. 425-4436
FORD, 1967 Fairlane 500, two-door hardtop, 289 V-8, automatic. Four new tires, three speakers. Good condition. $895. 476-0210
FORD 1966 Galaxie, V-8, automatic, power steering, new tires, battery and exhaust system. $675. 427-1223
MUSTANG, 1967, hardtop, power steering, brakes, automatic, good tires, mechanically excellent, body fair, 288. 522-1290
1971 INVENTORY CLOSE OUT
WAS	MODEL	NOW
$6,458	27' Starcraft	$4,200
$5,148	22' Starcraft	$4,250
$3,295	20' Caper	$2,450
$3,718	19' Apache	$2,550
$4,440	18' Caper	$2,995
$3,495	11' Traveler Camper	$2,475
SORRY NO TRADE-INS
TRAILER CENTER
8294 Grand River at I-96
Brighton, Michigan
227-7824
